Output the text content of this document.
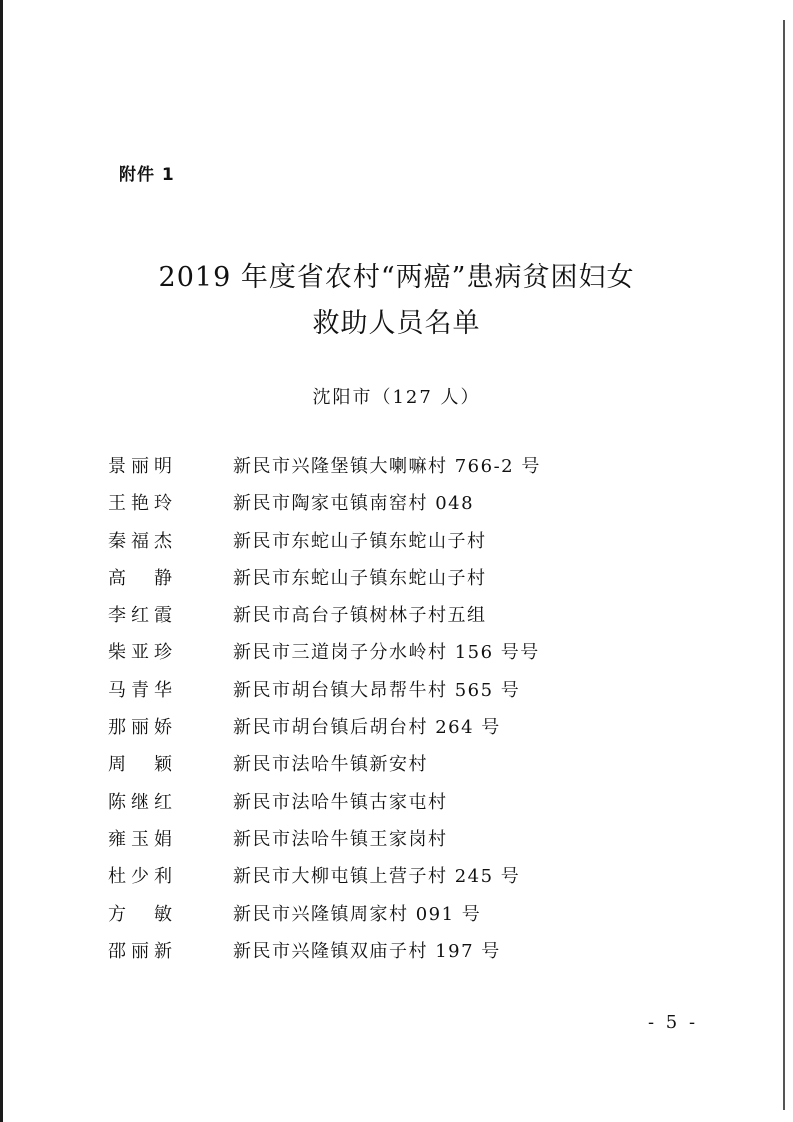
附件 1
2019 年度省农村“两癌”患病贫困妇女
救助人员名单
沈阳市（127 人）
景丽明	新民市兴隆堡镇大喇嘛村 766-2 号
王艳玲	新民市陶家屯镇南窑村 048
秦福杰	新民市东蛇山子镇东蛇山子村
高 静	新民市东蛇山子镇东蛇山子村
李红霞	新民市高台子镇树林子村五组
柴亚珍	新民市三道岗子分水岭村 156 号号
马青华	新民市胡台镇大昂帮牛村 565 号
那丽娇	新民市胡台镇后胡台村 264 号
周 颖	新民市法哈牛镇新安村
陈继红	新民市法哈牛镇古家屯村
雍玉娟	新民市法哈牛镇王家岗村
杜少利	新民市大柳屯镇上营子村 245 号
方 敏	新民市兴隆镇周家村 091 号
邵丽新	新民市兴隆镇双庙子村 197 号
- 5 -
